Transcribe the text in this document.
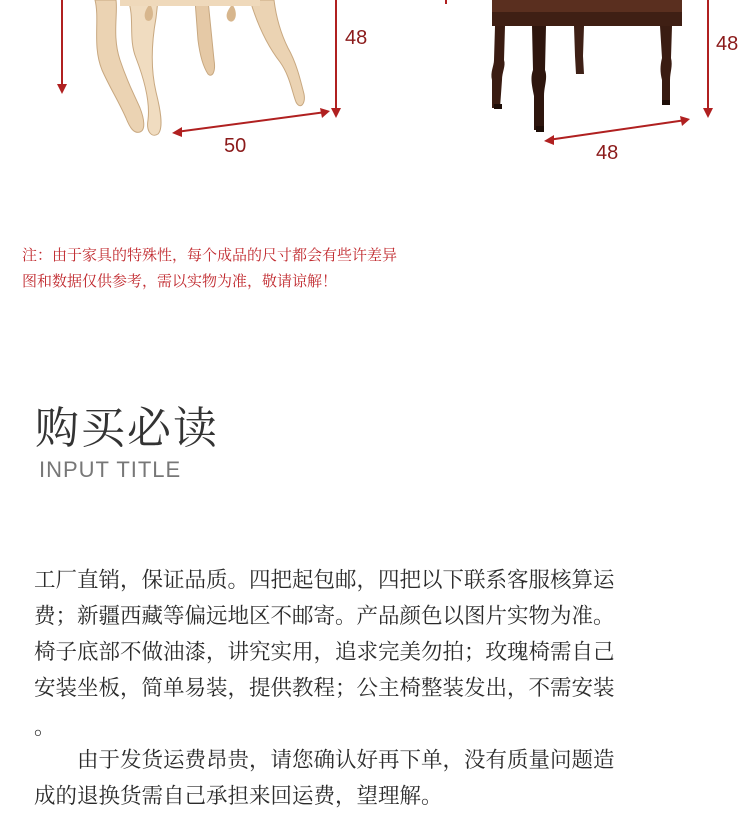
48
50
48
48
注：由于家具的特殊性，每个成品的尺寸都会有些许差异
图和数据仅供参考，需以实物为准，敬请谅解！
购买必读
INPUT TITLE
工厂直销，保证品质。四把起包邮，四把以下联系客服核算运
费；新疆西藏等偏远地区不邮寄。产品颜色以图片实物为准。
椅子底部不做油漆，讲究实用，追求完美勿拍；玫瑰椅需自己
安装坐板，简单易装，提供教程；公主椅整装发出，不需安装
。
　　由于发货运费昂贵，请您确认好再下单，没有质量问题造
成的退换货需自己承担来回运费，望理解。
